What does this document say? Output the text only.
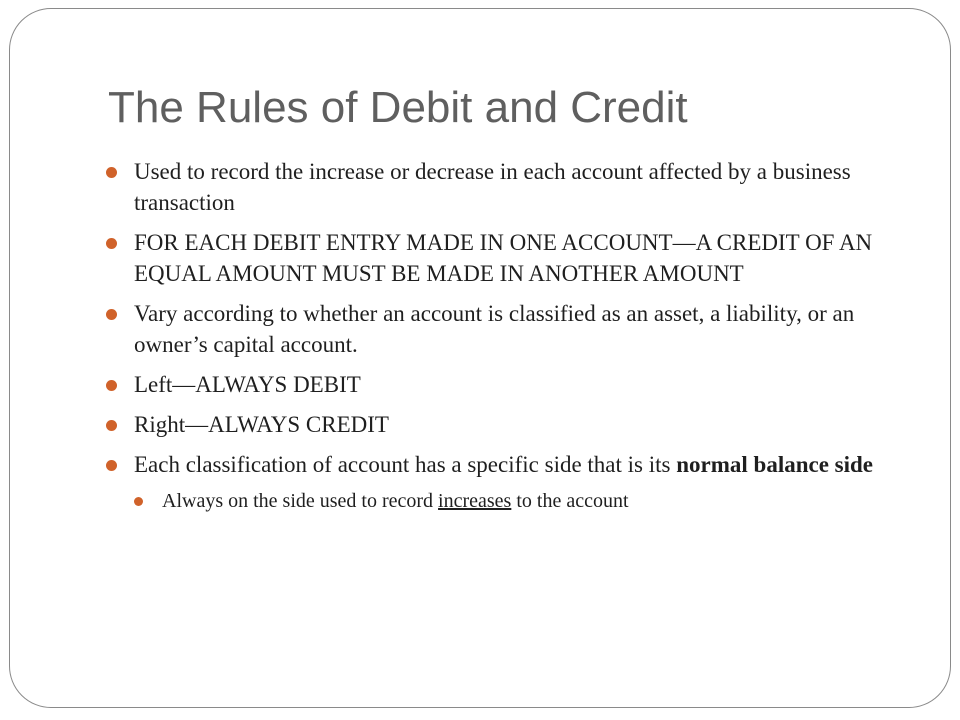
The Rules of Debit and Credit
Used to record the increase or decrease in each account affected by a business transaction
FOR EACH DEBIT ENTRY MADE IN ONE ACCOUNT—A CREDIT OF AN EQUAL AMOUNT MUST BE MADE IN ANOTHER AMOUNT
Vary according to whether an account is classified as an asset, a liability, or an owner’s capital account.
Left—ALWAYS DEBIT
Right—ALWAYS CREDIT
Each classification of account has a specific side that is its normal balance side
Always on the side used to record increases to the account
